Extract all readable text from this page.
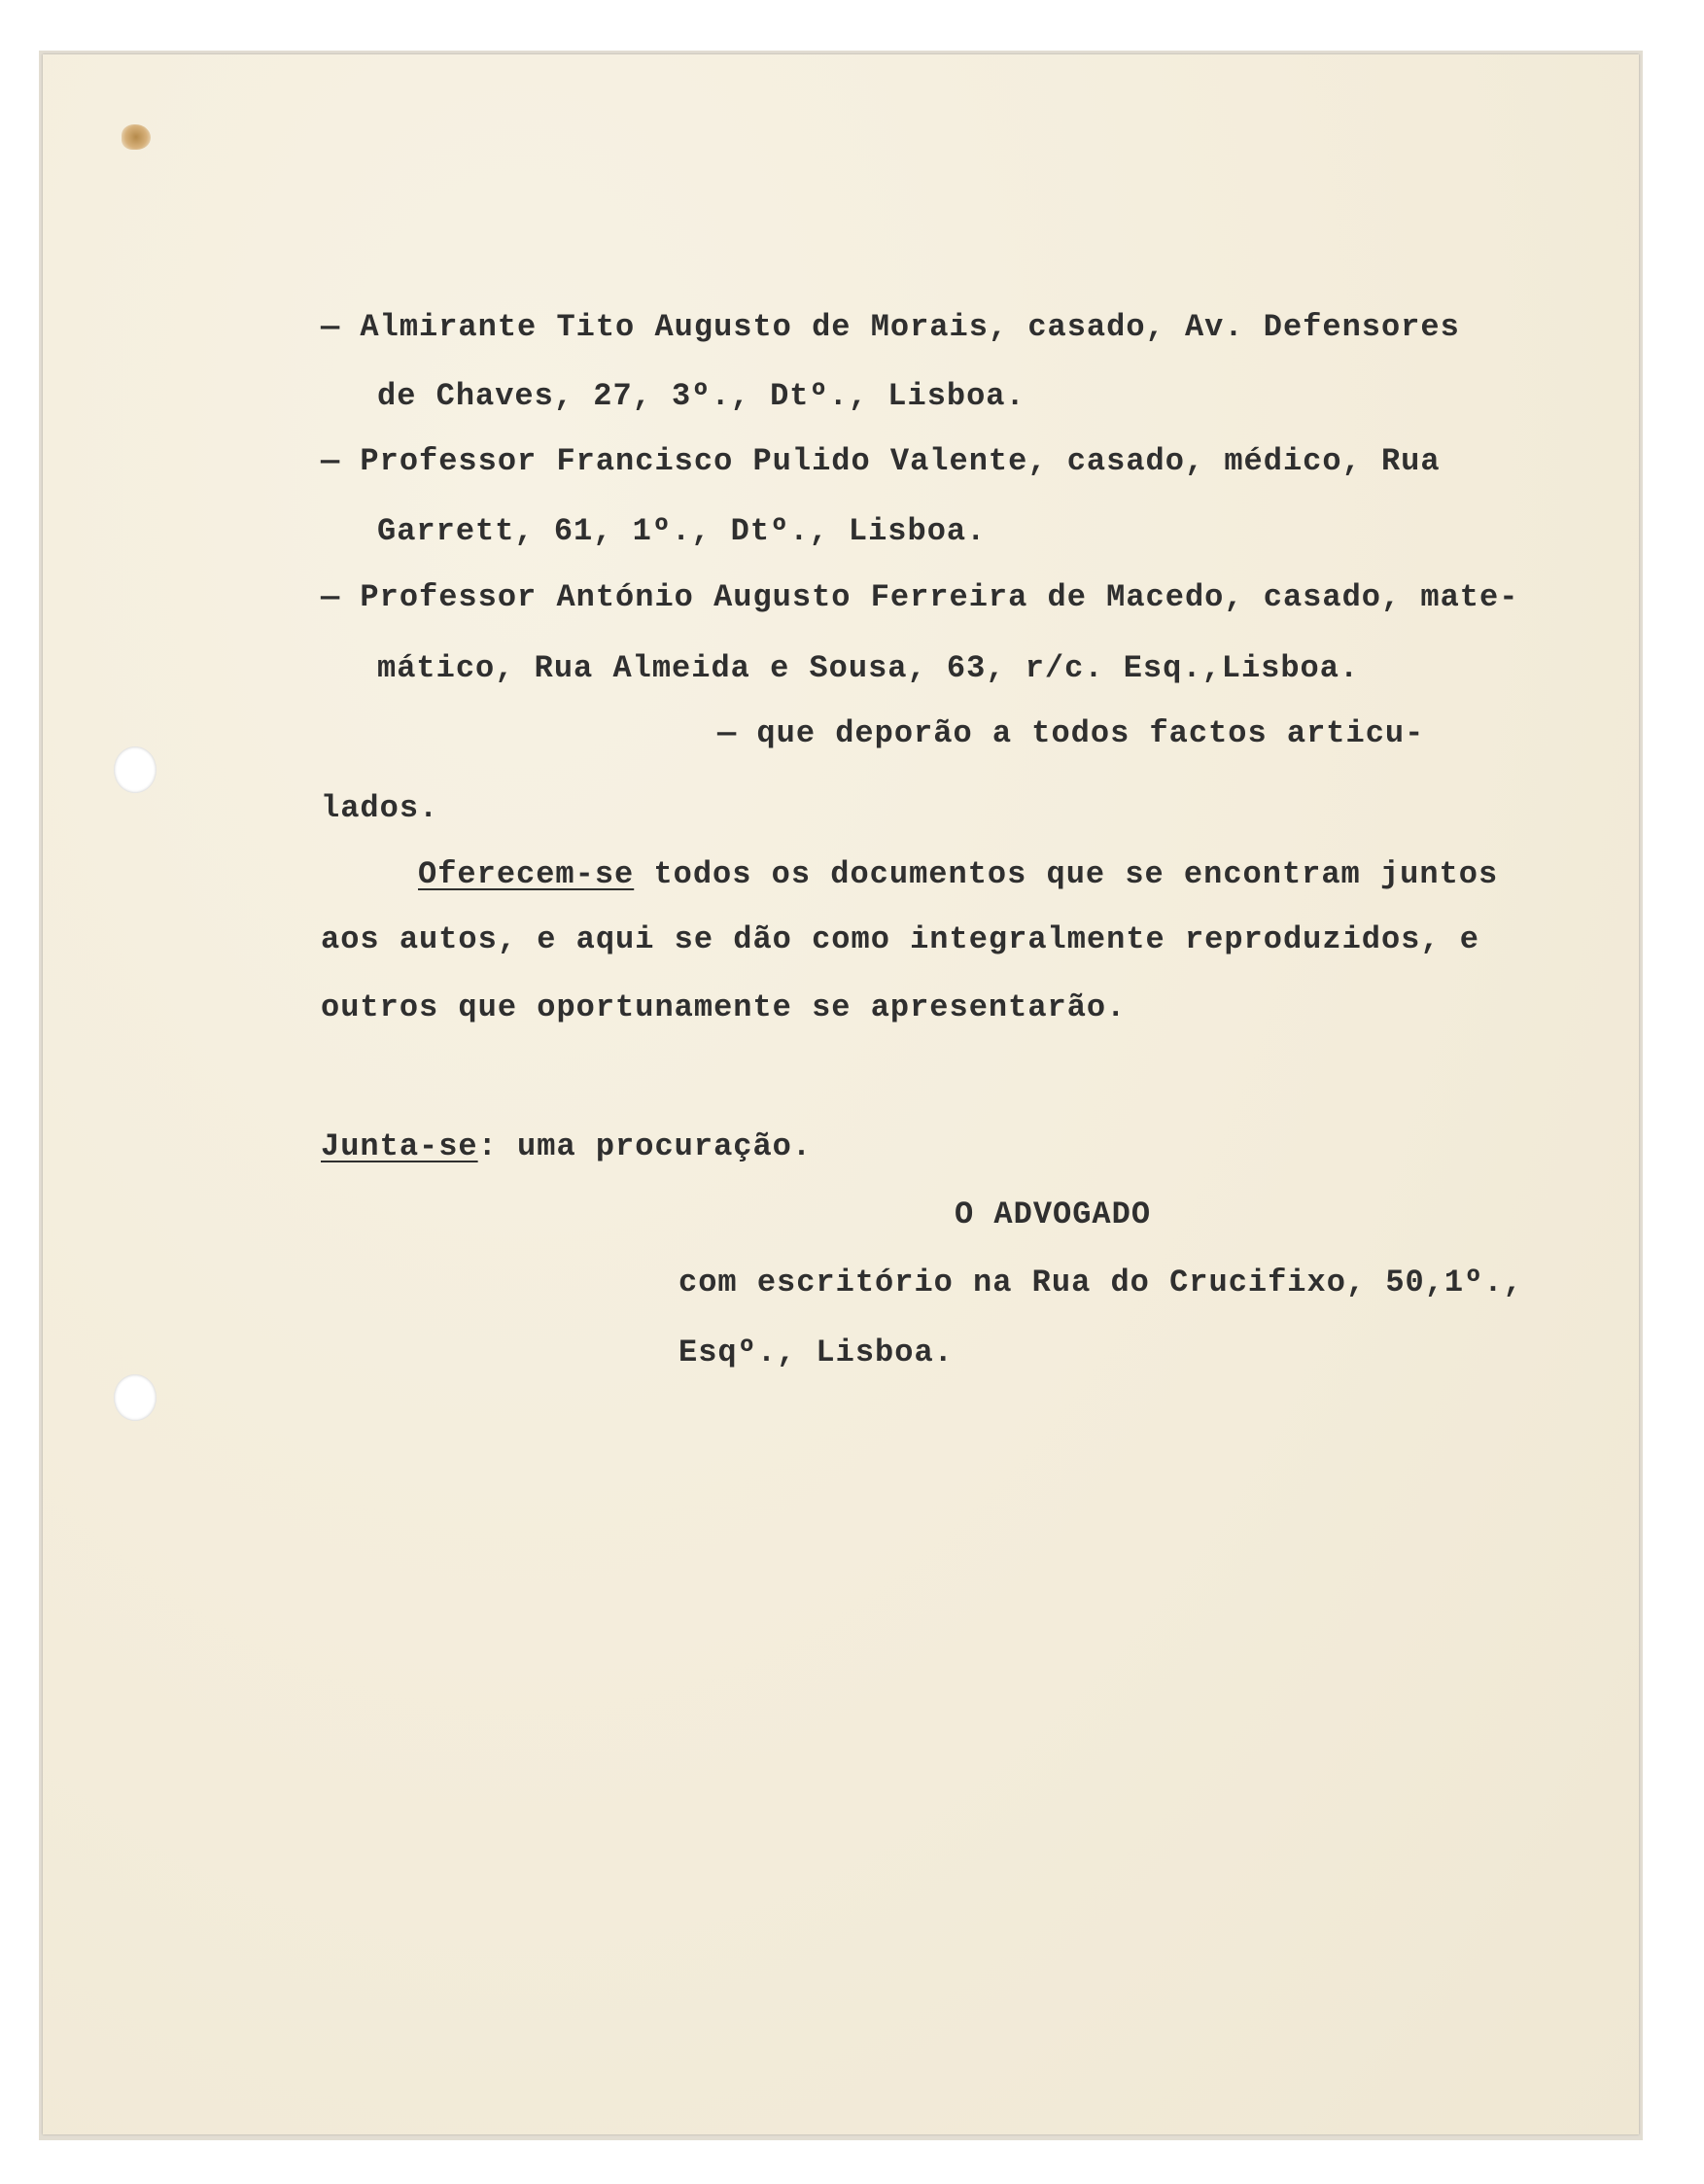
— Almirante Tito Augusto de Morais, casado, Av. Defensores

de Chaves, 27, 3º., Dtº., Lisboa.

— Professor Francisco Pulido Valente, casado, médico, Rua

Garrett, 61, 1º., Dtº., Lisboa.

— Professor António Augusto Ferreira de Macedo, casado, mate-

mático, Rua Almeida e Sousa, 63, r/c. Esq.,Lisboa.

— que deporão a todos factos articu-

lados.

Oferecem-se todos os documentos que se encontram juntos

aos autos, e aqui se dão como integralmente reproduzidos, e

outros que oportunamente se apresentarão.

Junta-se: uma procuração.

O ADVOGADO

com escritório na Rua do Crucifixo, 50,1º.,

Esqº., Lisboa.
